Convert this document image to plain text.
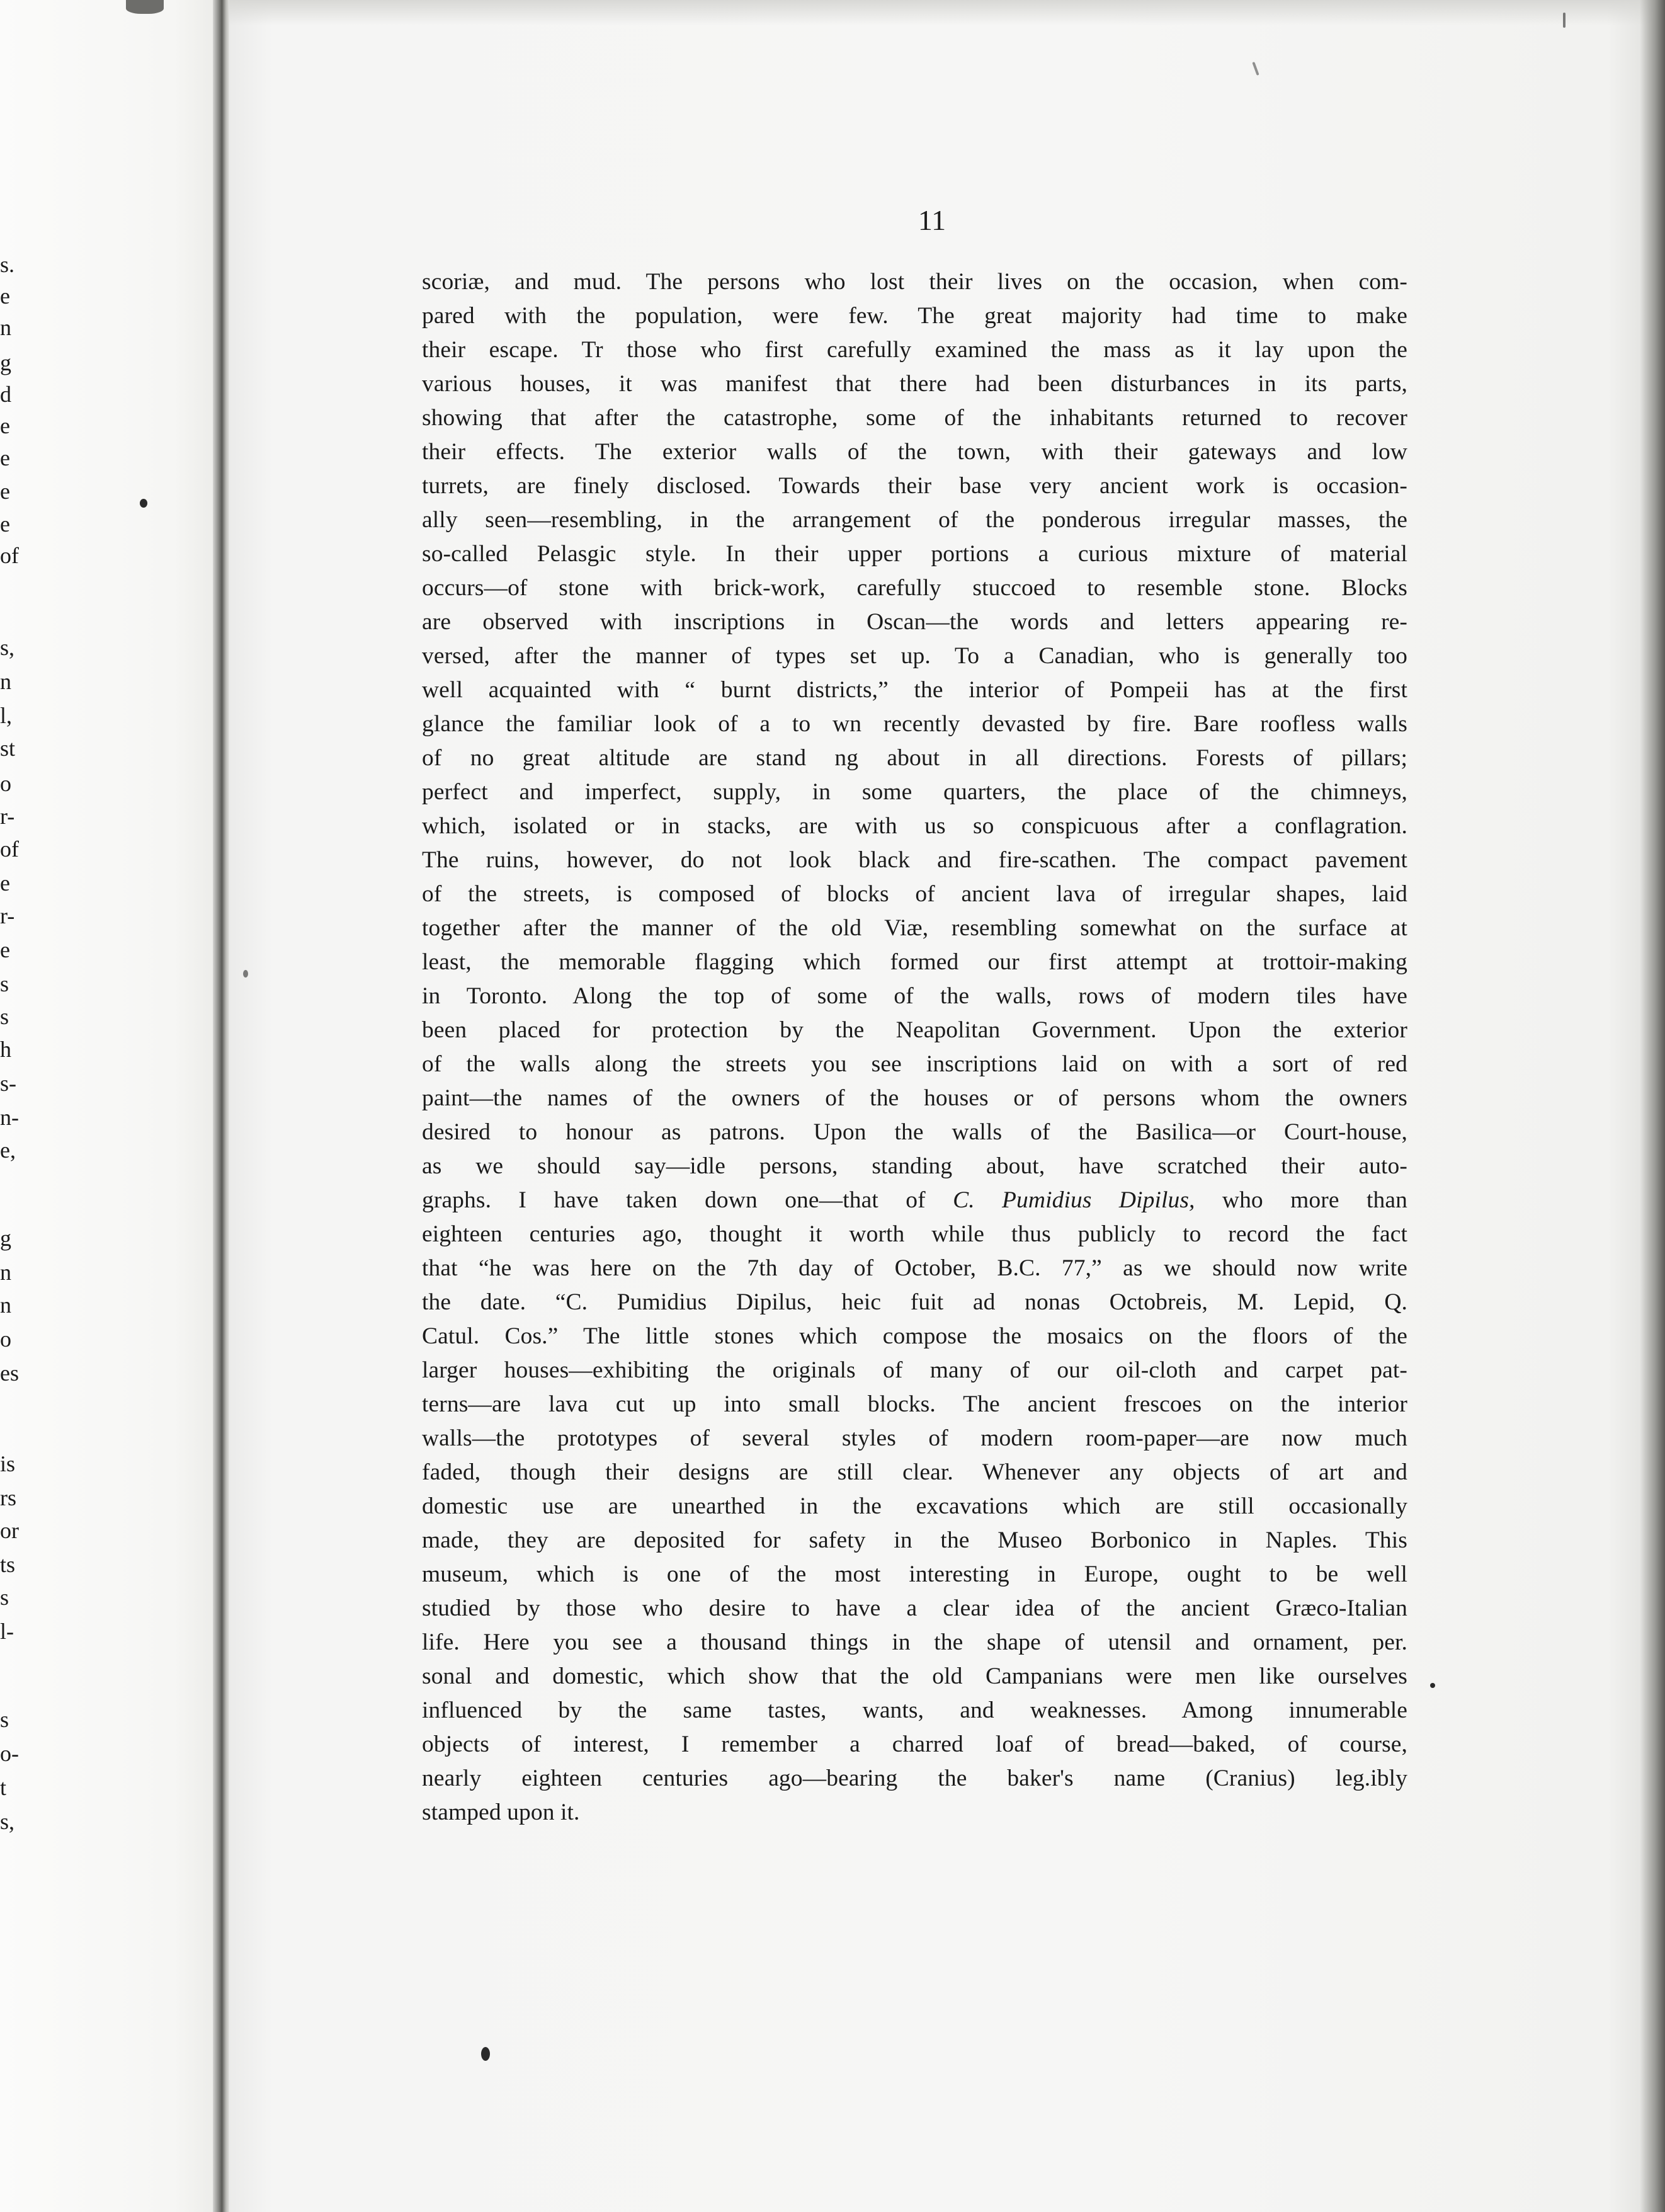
s.
e
n
g
d
e
e
e
e
of
s,
n
l,
st
o
r-
of
e
r-
e
s
s
h
s-
n-
e,
g
n
n
o
es
is
rs
or
ts
s
l-
s
o-
t
s,
11
scoriæ, and mud. The persons who lost their lives on the occasion, when com-
pared with the population, were few. The great majority had time to make
their escape. Tr those who first carefully examined the mass as it lay upon the
various houses, it was manifest that there had been disturbances in its parts,
showing that after the catastrophe, some of the inhabitants returned to recover
their effects. The exterior walls of the town, with their gateways and low
turrets, are finely disclosed. Towards their base very ancient work is occasion-
ally seen—resembling, in the arrangement of the ponderous irregular masses, the
so-called Pelasgic style. In their upper portions a curious mixture of material
occurs—of stone with brick-work, carefully stuccoed to resemble stone. Blocks
are observed with inscriptions in Oscan—the words and letters appearing re-
versed, after the manner of types set up. To a Canadian, who is generally too
well acquainted with “ burnt districts,” the interior of Pompeii has at the first
glance the familiar look of a to wn recently devasted by fire. Bare roofless walls
of no great altitude are stand ng about in all directions. Forests of pillars;
perfect and imperfect, supply, in some quarters, the place of the chimneys,
which, isolated or in stacks, are with us so conspicuous after a conflagration.
The ruins, however, do not look black and fire-scathen. The compact pavement
of the streets, is composed of blocks of ancient lava of irregular shapes, laid
together after the manner of the old Viæ, resembling somewhat on the surface at
least, the memorable flagging which formed our first attempt at trottoir-making
in Toronto. Along the top of some of the walls, rows of modern tiles have
been placed for protection by the Neapolitan Government. Upon the exterior
of the walls along the streets you see inscriptions laid on with a sort of red
paint—the names of the owners of the houses or of persons whom the owners
desired to honour as patrons. Upon the walls of the Basilica—or Court-house,
as we should say—idle persons, standing about, have scratched their auto-
graphs. I have taken down one—that of C. Pumidius Dipilus, who more than
eighteen centuries ago, thought it worth while thus publicly to record the fact
that “he was here on the 7th day of October, B.C. 77,” as we should now write
the date. “C. Pumidius Dipilus, heic fuit ad nonas Octobreis, M. Lepid, Q.
Catul. Cos.” The little stones which compose the mosaics on the floors of the
larger houses—exhibiting the originals of many of our oil-cloth and carpet pat-
terns—are lava cut up into small blocks. The ancient frescoes on the interior
walls—the prototypes of several styles of modern room-paper—are now much
faded, though their designs are still clear. Whenever any objects of art and
domestic use are unearthed in the excavations which are still occasionally
made, they are deposited for safety in the Museo Borbonico in Naples. This
museum, which is one of the most interesting in Europe, ought to be well
studied by those who desire to have a clear idea of the ancient Græco-Italian
life. Here you see a thousand things in the shape of utensil and ornament, per.
sonal and domestic, which show that the old Campanians were men like ourselves
influenced by the same tastes, wants, and weaknesses. Among innumerable
objects of interest, I remember a charred loaf of bread—baked, of course,
nearly eighteen centuries ago—bearing the baker's name (Cranius) leg.ibly
stamped upon it.
